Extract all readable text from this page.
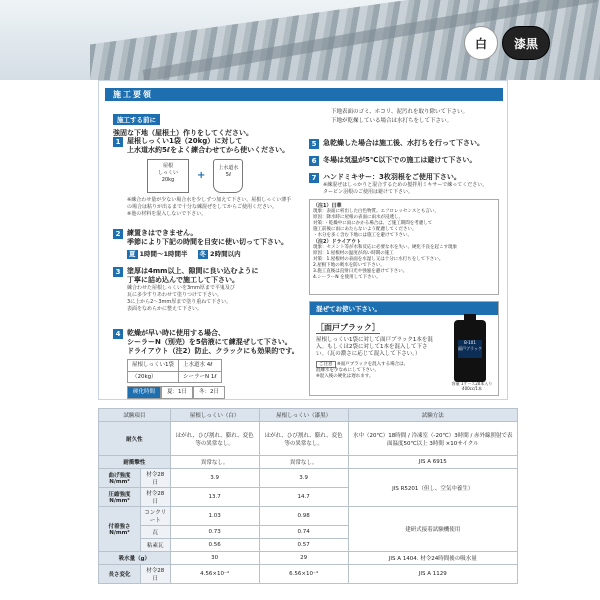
白	漆黒
施工要領
施工する前に
強固な下地（屋根土）作りをしてください。
下地表面のゴミ、ホコリ、泥汚れを取り除いて下さい。
下地が乾燥している場合は水打ちをして下さい。
1 屋根しっくい1袋（20kg）に対して
上水道水約5ℓをよく練合わせてから使いください。
屋根
しっくい
20kg	+
上水道水
5ℓ
※練合わせ量が少ない場合水を少しずつ加えて下さい。屋根しっくい薄手
の場合は粘りが出るまで十分な練混ぜをしてからご使用ください。
※他の材料を混入しないで下さい。
2 練置きはできません。
季節により下記の時間を目安に使い切って下さい。
夏 1時間〜1時間半	冬 2時間以内
3 塗厚は4mm以上、隙間に良い込むように
丁寧に詰め込んで施工して下さい。
練合わせた屋根しっくいを3mm厚まで平鬼及び
瓦に多少すりあわせて塗りつけて下さい。
3に上から2〜3mm厚まで塗り重ねて下さい。
表面をなめらかに整えて下さい。
4 乾燥が早い時に使用する場合、
シーラーN（別売）を5倍液にて練混ぜして下さい。
ドライアウト（注2）防止、クラックにも効果的です。
屋根しっくい1袋	上水道水 4ℓ
（20kg）	シーラーN 1ℓ
硬化時間	夏：1日	冬：2日
5 急乾燥した場合は施工後、水打ちを行って下さい。
6 冬場は気温が5℃以下での施工は避けて下さい。
7 ハンドミキサー：3枚羽根をご使用下さい。
※練混ぜはしっかりと混合するための撹拌用ミキサーで練ってください。
ターピン羽根のご使用は避けて下さい。
（注1）日華
現象：表面に析出した白色物質。エフロレッセンスとも言い、
原因：降水時に屋根の表面に雨水が浸透し、
対策：・乾燥中に雨にかかる場合は、ご施工期間を考慮して
施工前後に雨にあたらないよう配慮してください。
・水分を多く含む下地には施工を避けて下さい。
（注2）ドライアウト
現象：セメント等が水和反応に必要な水を失い、硬化不良を起こす現象
原因：1.屋根材の温度が高い時期の施工
対策：1.屋根材の表面を水湿し又は十分に水打ちをして下さい。
2.屋根下地の吸水を防いで下さい。
3.施工直後は直射日光や強風を避けて下さい。
4.シーラーN を使用して下さい。
混ぜてお使い下さい。
［面戸ブラック］
屋根しっくい1袋に対して面戸ブラック1本を混入。もしくは2袋に対して1本を混入して下さい。（瓦の濃さに応じて混入して下さい。）
ご注意 ※面戸ブラックを混入する場合は、
混練水を少なめにして下さい。
※混入後の硬化は遅れます。
B-101
面戸ブラック
容量 1ケース20本入り
400cc/1本
試験項目		屋根しっくい（白）	屋根しっくい（漆黒）	試験方法
耐久性		はがれ、ひび割れ、膨れ、変色等の異常なし。	はがれ、ひび割れ、膨れ、変色等の異常なし。	水中（20℃）18時間 / 冷凍室（-20℃）3時間 / 赤外線照射で表面温度50℃以上 3時間 ×10サイクル
耐衝撃性		異常なし。	異常なし。	JIS A 6915
曲げ強度 N/mm²	材令28日	3.9	3.9	JIS R5201（但し、空気中養生）
圧縮強度 N/mm²	材令28日	13.7	14.7	
付着強さ N/mm²	コンクリート	1.03	0.98	建研式接着試験機使用
	瓦	0.73	0.74	
	粘素瓦	0.56	0.57	
吸水量（g）		30	29	JIS A 1404. 材令24時間後の吸水量
長さ変化	材令28日	4.56×10⁻⁴	6.56×10⁻⁴	JIS A 1129
